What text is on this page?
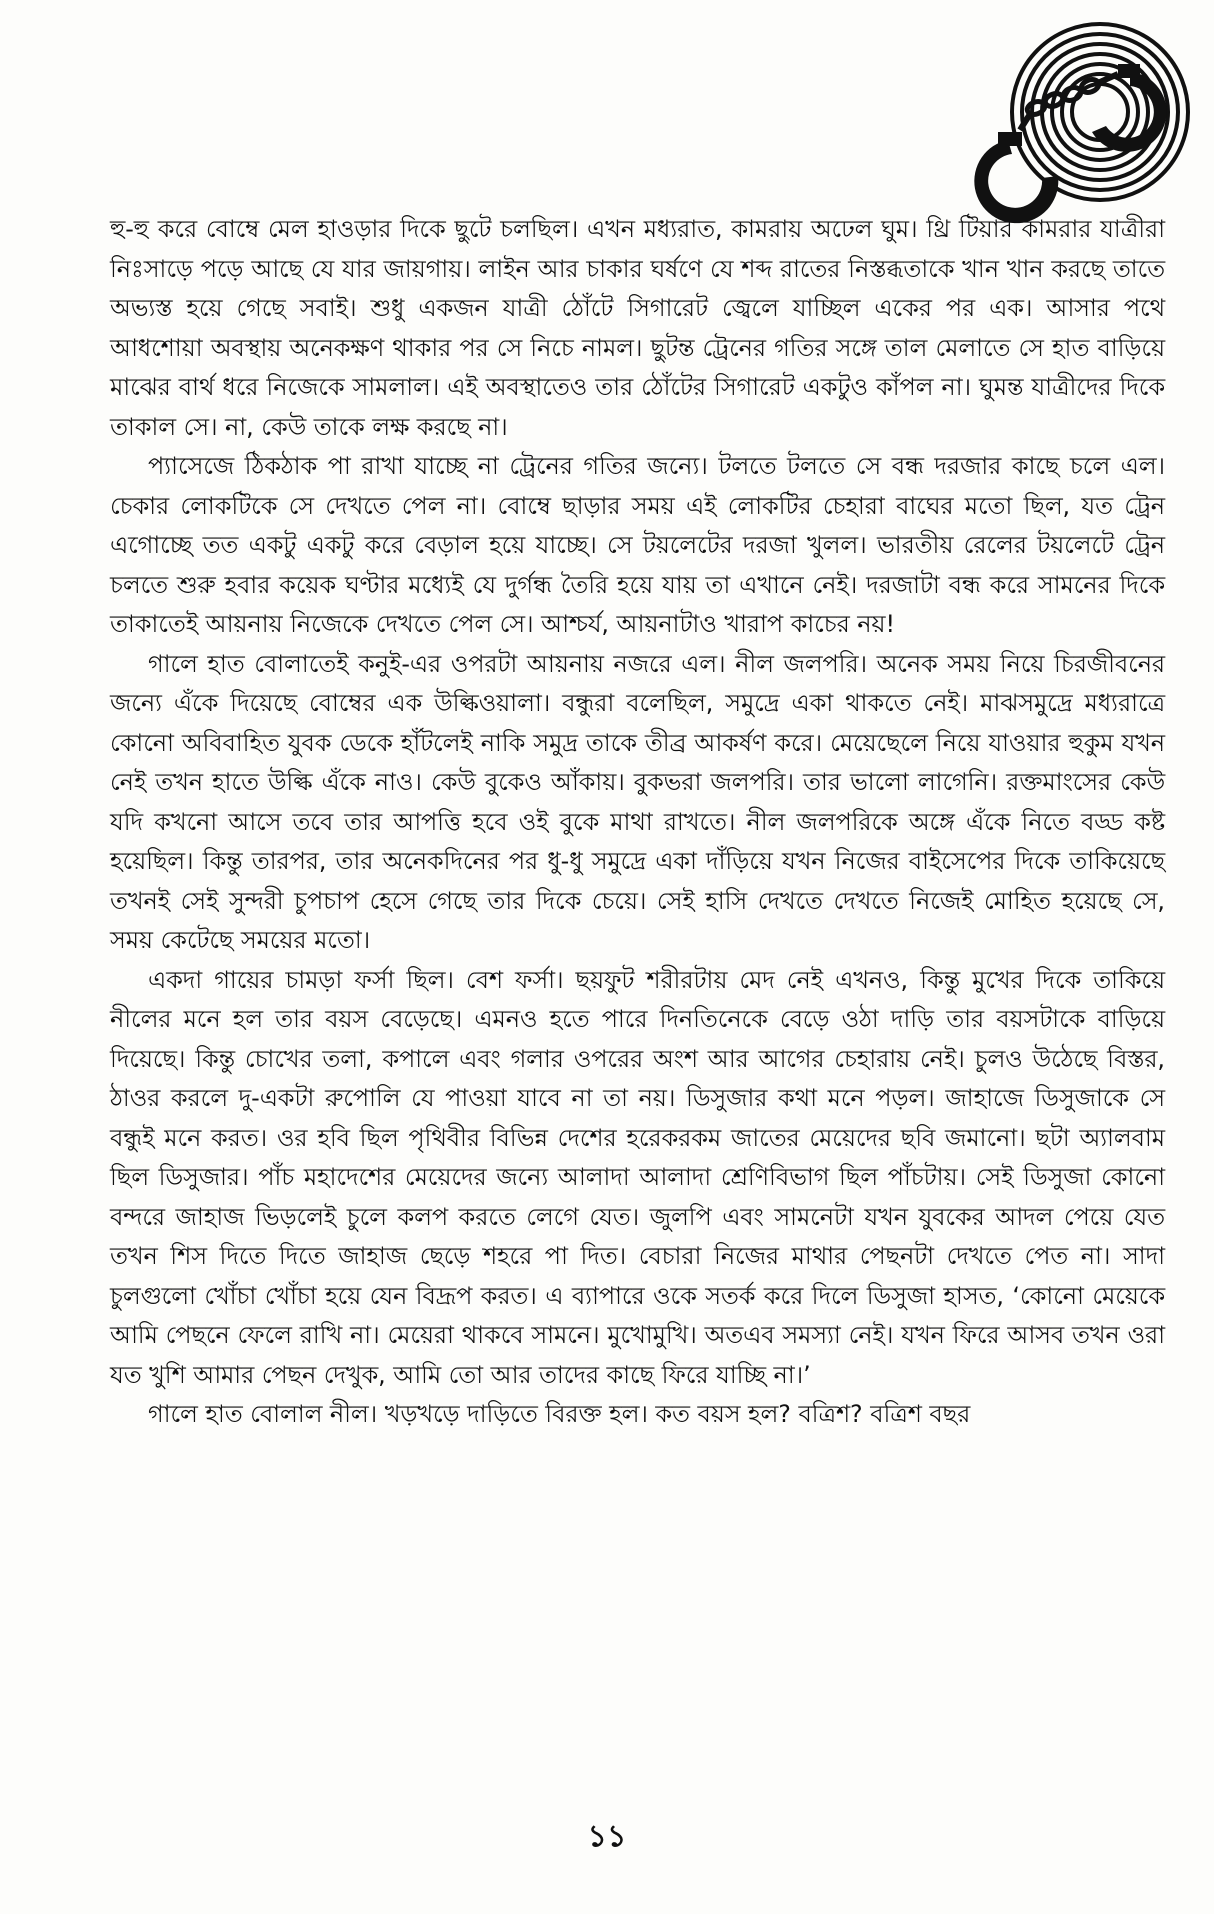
হু-হু করে বোম্বে মেল হাওড়ার দিকে ছুটে চলছিল। এখন মধ্যরাত, কামরায় অঢেল ঘুম। থ্রি টিয়ার কামরার যাত্রীরা নিঃসাড়ে পড়ে আছে যে যার জায়গায়। লাইন আর চাকার ঘর্ষণে যে শব্দ রাতের নিস্তব্ধতাকে খান খান করছে তাতে অভ্যস্ত হয়ে গেছে সবাই। শুধু একজন যাত্রী ঠোঁটে সিগারেট জ্বেলে যাচ্ছিল একের পর এক। আসার পথে আধশোয়া অবস্থায় অনেকক্ষণ থাকার পর সে নিচে নামল। ছুটন্ত ট্রেনের গতির সঙ্গে তাল মেলাতে সে হাত বাড়িয়ে মাঝের বার্থ ধরে নিজেকে সামলাল। এই অবস্থাতেও তার ঠোঁটের সিগারেট একটুও কাঁপল না। ঘুমন্ত যাত্রীদের দিকে তাকাল সে। না, কেউ তাকে লক্ষ করছে না।

প্যাসেজে ঠিকঠাক পা রাখা যাচ্ছে না ট্রেনের গতির জন্যে। টলতে টলতে সে বন্ধ দরজার কাছে চলে এল। চেকার লোকটিকে সে দেখতে পেল না। বোম্বে ছাড়ার সময় এই লোকটির চেহারা বাঘের মতো ছিল, যত ট্রেন এগোচ্ছে তত একটু একটু করে বেড়াল হয়ে যাচ্ছে। সে টয়লেটের দরজা খুলল। ভারতীয় রেলের টয়লেটে ট্রেন চলতে শুরু হবার কয়েক ঘণ্টার মধ্যেই যে দুর্গন্ধ তৈরি হয়ে যায় তা এখানে নেই। দরজাটা বন্ধ করে সামনের দিকে তাকাতেই আয়নায় নিজেকে দেখতে পেল সে। আশ্চর্য, আয়নাটাও খারাপ কাচের নয়!

গালে হাত বোলাতেই কনুই-এর ওপরটা আয়নায় নজরে এল। নীল জলপরি। অনেক সময় নিয়ে চিরজীবনের জন্যে এঁকে দিয়েছে বোম্বের এক উল্কিওয়ালা। বন্ধুরা বলেছিল, সমুদ্রে একা থাকতে নেই। মাঝসমুদ্রে মধ্যরাত্রে কোনো অবিবাহিত যুবক ডেকে হাঁটলেই নাকি সমুদ্র তাকে তীব্র আকর্ষণ করে। মেয়েছেলে নিয়ে যাওয়ার হুকুম যখন নেই তখন হাতে উল্কি এঁকে নাও। কেউ বুকেও আঁকায়। বুকভরা জলপরি। তার ভালো লাগেনি। রক্তমাংসের কেউ যদি কখনো আসে তবে তার আপত্তি হবে ওই বুকে মাথা রাখতে। নীল জলপরিকে অঙ্গে এঁকে নিতে বড্ড কষ্ট হয়েছিল। কিন্তু তারপর, তার অনেকদিনের পর ধু-ধু সমুদ্রে একা দাঁড়িয়ে যখন নিজের বাইসেপের দিকে তাকিয়েছে তখনই সেই সুন্দরী চুপচাপ হেসে গেছে তার দিকে চেয়ে। সেই হাসি দেখতে দেখতে নিজেই মোহিত হয়েছে সে, সময় কেটেছে সময়ের মতো।

একদা গায়ের চামড়া ফর্সা ছিল। বেশ ফর্সা। ছয়ফুট শরীরটায় মেদ নেই এখনও, কিন্তু মুখের দিকে তাকিয়ে নীলের মনে হল তার বয়স বেড়েছে। এমনও হতে পারে দিনতিনেকে বেড়ে ওঠা দাড়ি তার বয়সটাকে বাড়িয়ে দিয়েছে। কিন্তু চোখের তলা, কপালে এবং গলার ওপরের অংশ আর আগের চেহারায় নেই। চুলও উঠেছে বিস্তর, ঠাওর করলে দু-একটা রুপোলি যে পাওয়া যাবে না তা নয়। ডিসুজার কথা মনে পড়ল। জাহাজে ডিসুজাকে সে বন্ধুই মনে করত। ওর হবি ছিল পৃথিবীর বিভিন্ন দেশের হরেকরকম জাতের মেয়েদের ছবি জমানো। ছটা অ্যালবাম ছিল ডিসুজার। পাঁচ মহাদেশের মেয়েদের জন্যে আলাদা আলাদা শ্রেণিবিভাগ ছিল পাঁচটায়। সেই ডিসুজা কোনো বন্দরে জাহাজ ভিড়লেই চুলে কলপ করতে লেগে যেত। জুলপি এবং সামনেটা যখন যুবকের আদল পেয়ে যেত তখন শিস দিতে দিতে জাহাজ ছেড়ে শহরে পা দিত। বেচারা নিজের মাথার পেছনটা দেখতে পেত না। সাদা চুলগুলো খোঁচা খোঁচা হয়ে যেন বিদ্রূপ করত। এ ব্যাপারে ওকে সতর্ক করে দিলে ডিসুজা হাসত, ‘কোনো মেয়েকে আমি পেছনে ফেলে রাখি না। মেয়েরা থাকবে সামনে। মুখোমুখি। অতএব সমস্যা নেই। যখন ফিরে আসব তখন ওরা যত খুশি আমার পেছন দেখুক, আমি তো আর তাদের কাছে ফিরে যাচ্ছি না।’

গালে হাত বোলাল নীল। খড়খড়ে দাড়িতে বিরক্ত হল। কত বয়স হল? বত্রিশ? বত্রিশ বছর

১১
